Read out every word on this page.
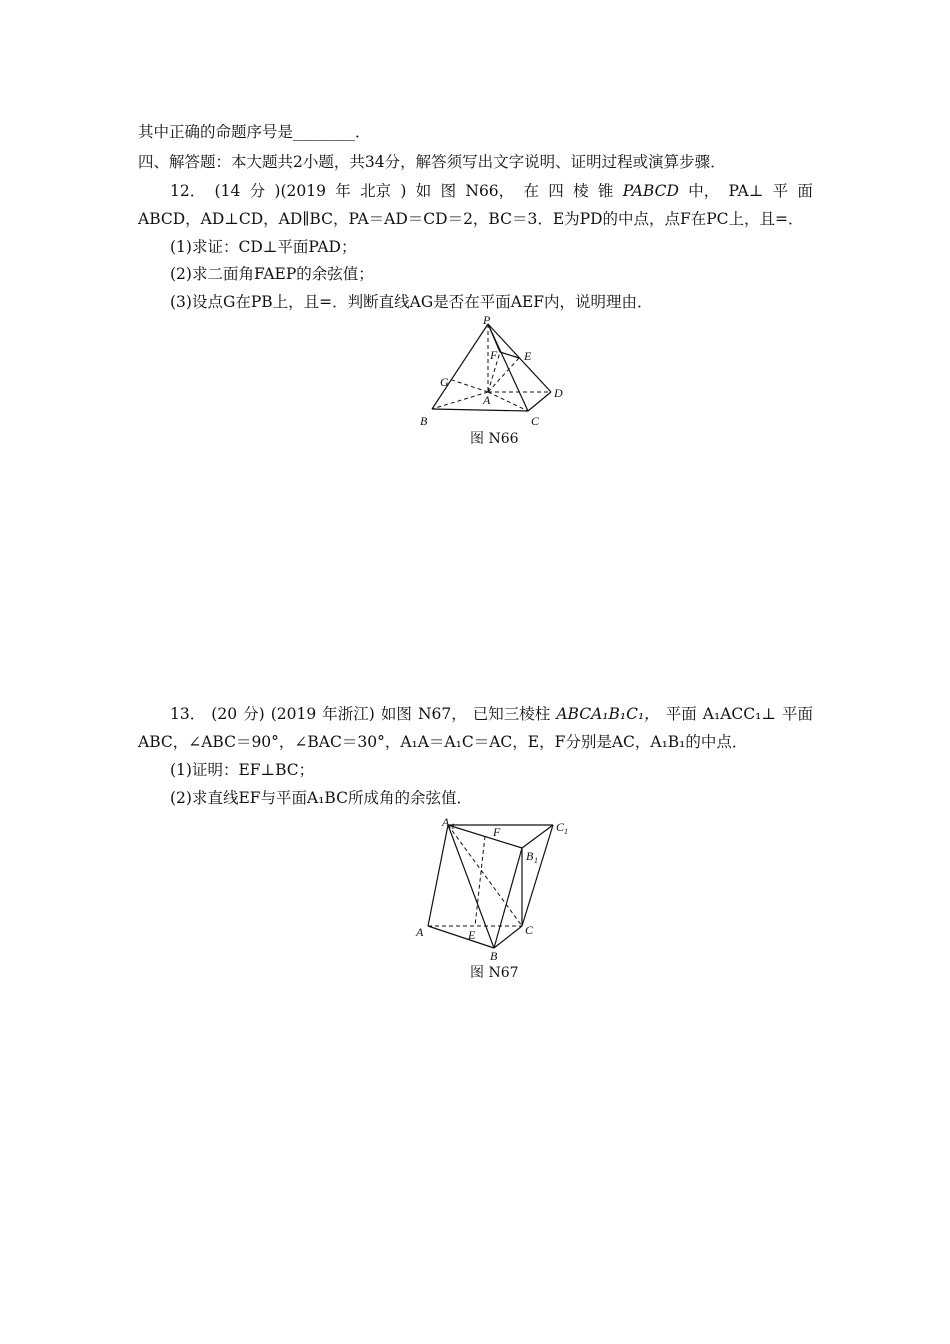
其中正确的命题序号是________．
四、解答题：本大题共2小题，共34分，解答须写出文字说明、证明过程或演算步骤．
12． (14 分 )(2019 年 北京 ) 如 图 N66， 在 四 棱 锥 PABCD 中， PA⊥ 平 面
ABCD，AD⊥CD，AD∥BC，PA＝AD＝CD＝2，BC＝3．E为PD的中点，点F在PC上，且=．
(1)求证：CD⊥平面PAD；
(2)求二面角FAEP的余弦值；
(3)设点G在PB上，且=．判断直线AG是否在平面AEF内，说明理由．
P
F E
G
A	D
B	C
图 N66
13． (20 分) (2019 年浙江) 如图 N67， 已知三棱柱 ABCA₁B₁C₁， 平面 A₁ACC₁⊥ 平面
ABC，∠ABC＝90°，∠BAC＝30°，A₁A＝A₁C＝AC，E，F分别是AC，A₁B₁的中点．
(1)证明：EF⊥BC；
(2)求直线EF与平面A₁BC所成角的余弦值．
A 1	F	C 1
B 1
A	E	C
B
图 N67
